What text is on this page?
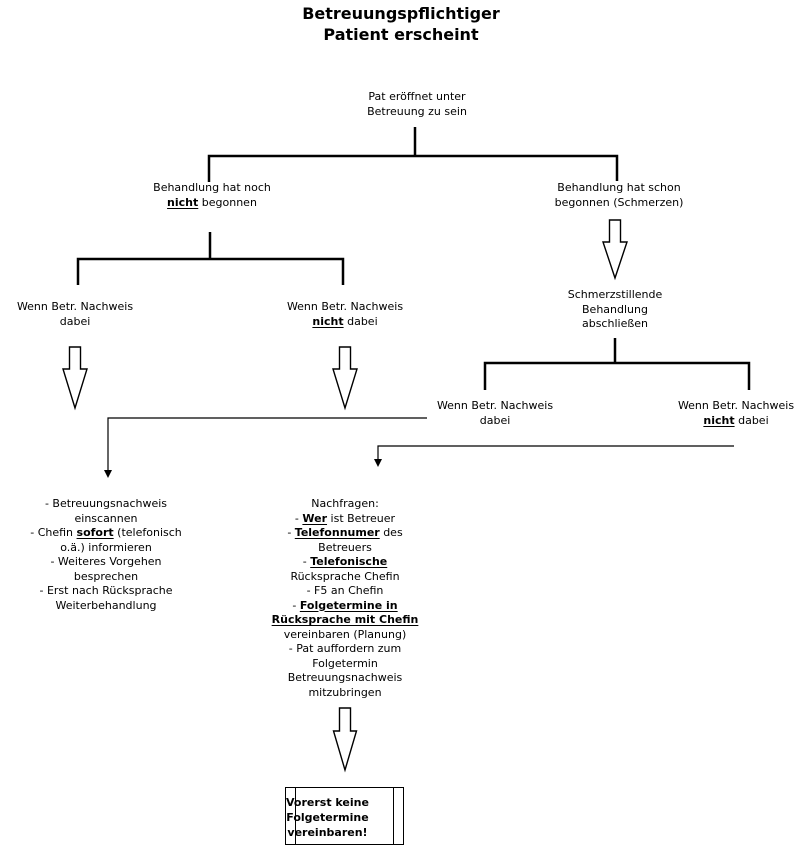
Betreuungspflichtiger
Patient erscheint
Pat eröffnet unter
Betreuung zu sein
Behandlung hat noch
nicht begonnen
Behandlung hat schon
begonnen (Schmerzen)
Wenn Betr. Nachweis
dabei
Wenn Betr. Nachweis
nicht dabei
Schmerzstillende
Behandlung
abschließen
Wenn Betr. Nachweis
dabei
Wenn Betr. Nachweis
nicht dabei
- Betreuungsnachweis
einscannen
- Chefin sofort (telefonisch
o.ä.) informieren
- Weiteres Vorgehen
besprechen
- Erst nach Rücksprache
Weiterbehandlung
Nachfragen:
- Wer ist Betreuer
- Telefonnumer des
Betreuers
- Telefonische
Rücksprache Chefin
- F5 an Chefin
- Folgetermine in
Rücksprache mit Chefin
vereinbaren (Planung)
- Pat auffordern zum
Folgetermin
Betreuungsnachweis
mitzubringen
Vorerst keine
Folgetermine
vereinbaren!
